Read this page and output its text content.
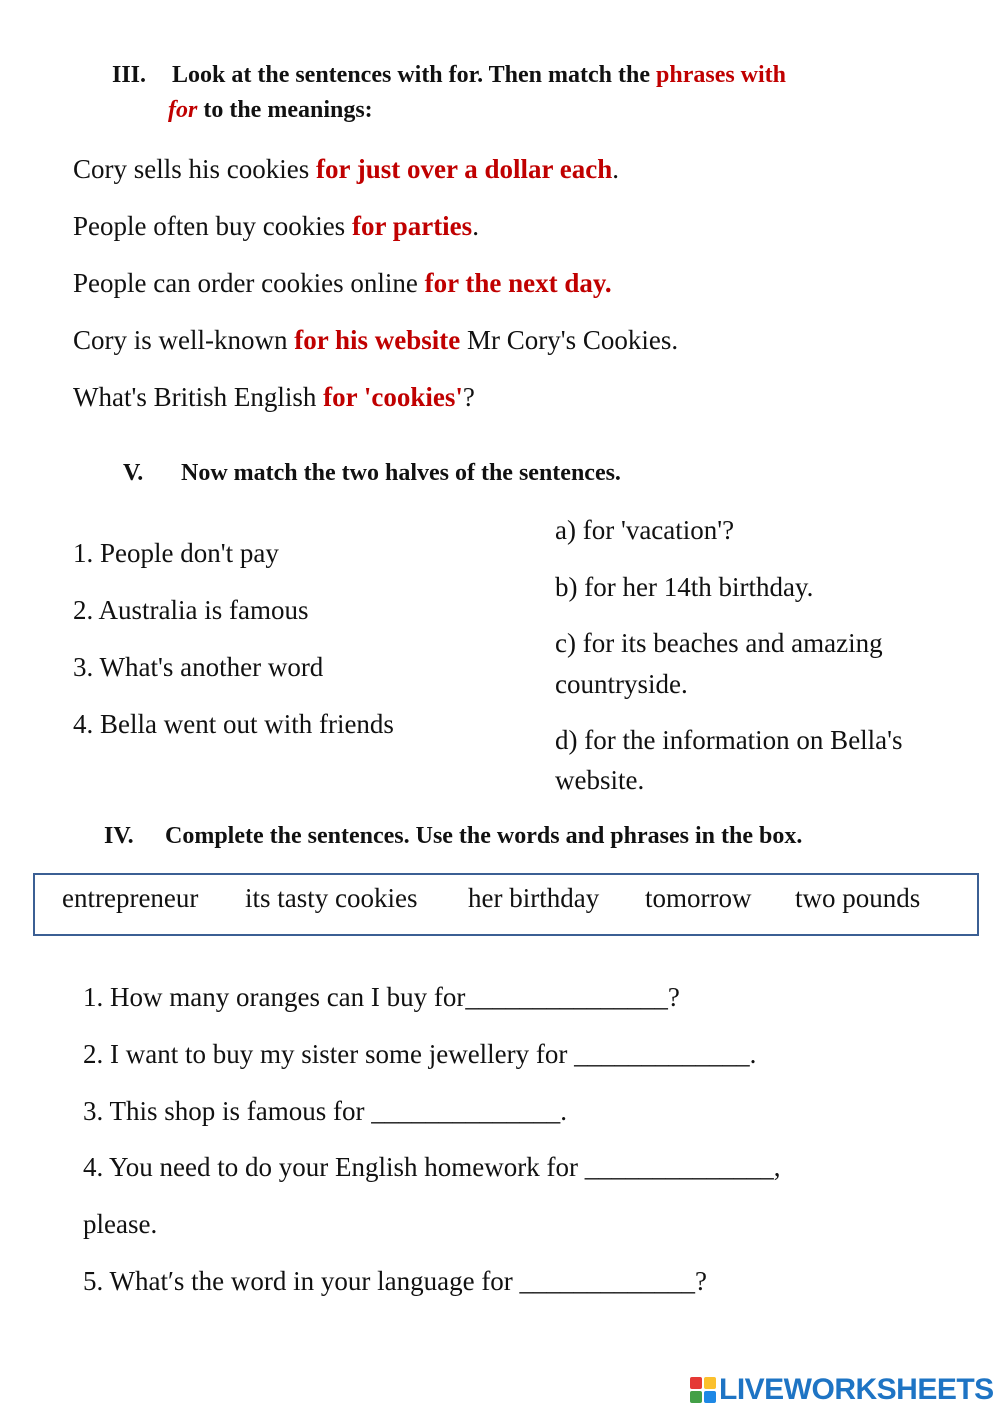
III. Look at the sentences with for. Then match the phrases with
for to the meanings:
Cory sells his cookies for just over a dollar each.
People often buy cookies for parties.
People can order cookies online for the next day.
Cory is well-known for his website Mr Cory's Cookies.
What's British English for 'cookies'?
V. Now match the two halves of the sentences.
1. People don't pay
2. Australia is famous
3. What's another word
4. Bella went out with friends
a) for 'vacation'?
b) for her 14th birthday.
c) for its beaches and amazing
countryside.
d) for the information on Bella's
website.
IV. Complete the sentences. Use the words and phrases in the box.
entrepreneur its tasty cookies her birthday tomorrow two pounds
1. How many oranges can I buy for_______________?
2. I want to buy my sister some jewellery for _____________.
3. This shop is famous for ______________.
4. You need to do your English homework for ______________,
please.
5. What′s the word in your language for _____________?
LIVEWORKSHEETS
